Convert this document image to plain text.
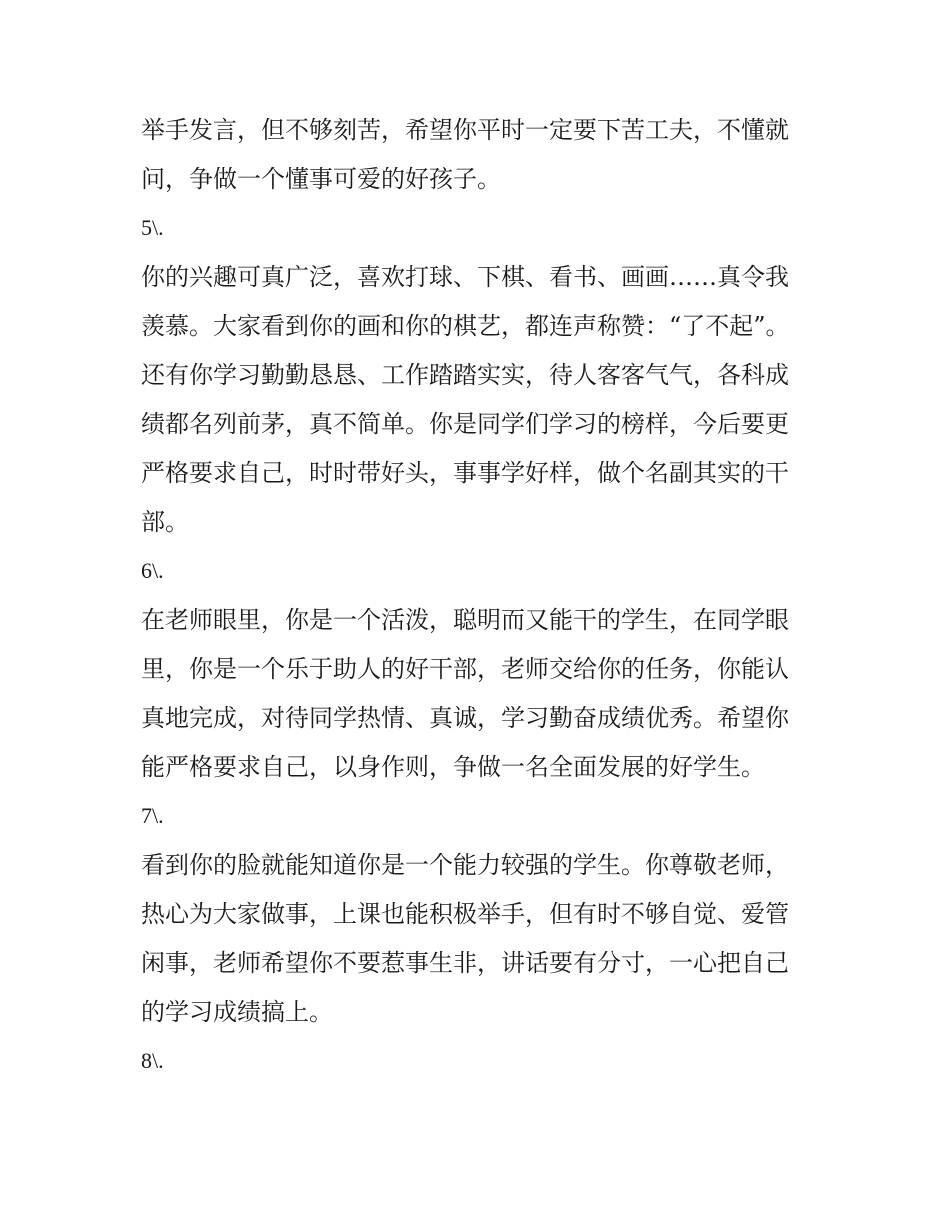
举手发言，但不够刻苦，希望你平时一定要下苦工夫，不懂就
问，争做一个懂事可爱的好孩子。
5\.
你的兴趣可真广泛，喜欢打球、下棋、看书、画画……真令我
羡慕。大家看到你的画和你的棋艺，都连声称赞：“了不起”。
还有你学习勤勤恳恳、工作踏踏实实，待人客客气气，各科成
绩都名列前茅，真不简单。你是同学们学习的榜样，今后要更
严格要求自己，时时带好头，事事学好样，做个名副其实的干
部。
6\.
在老师眼里，你是一个活泼，聪明而又能干的学生，在同学眼
里，你是一个乐于助人的好干部，老师交给你的任务，你能认
真地完成，对待同学热情、真诚，学习勤奋成绩优秀。希望你
能严格要求自己，以身作则，争做一名全面发展的好学生。
7\.
看到你的脸就能知道你是一个能力较强的学生。你尊敬老师，
热心为大家做事，上课也能积极举手，但有时不够自觉、爱管
闲事，老师希望你不要惹事生非，讲话要有分寸，一心把自己
的学习成绩搞上。
8\.
